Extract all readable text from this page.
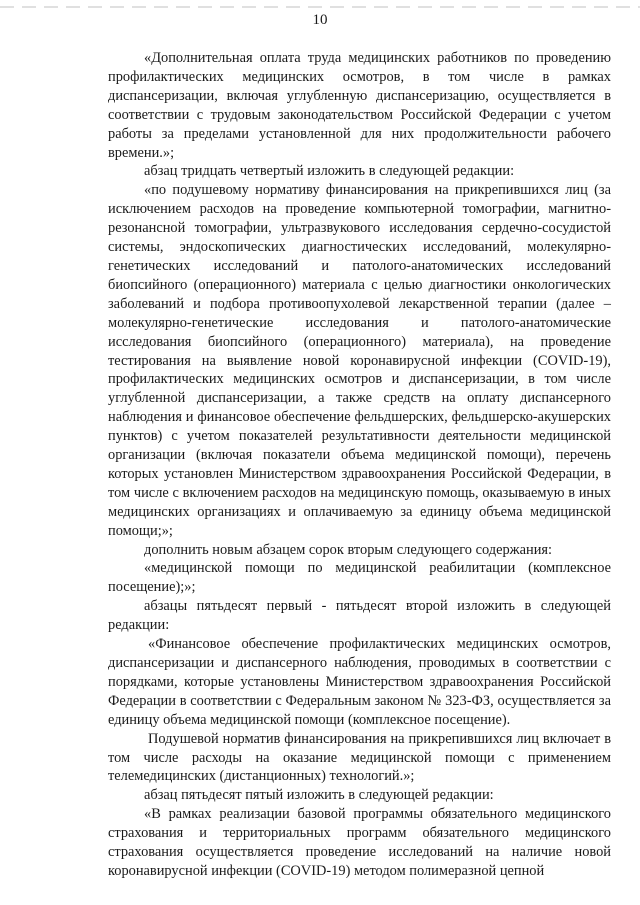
10

«Дополнительная оплата труда медицинских работников по проведению профилактических медицинских осмотров, в том числе в рамках диспансеризации, включая углубленную диспансеризацию, осуществляется в соответствии с трудовым законодательством Российской Федерации с учетом работы за пределами установленной для них продолжительности рабочего времени.»;

абзац тридцать четвертый изложить в следующей редакции:

«по подушевому нормативу финансирования на прикрепившихся лиц (за исключением расходов на проведение компьютерной томографии, магнитно-резонансной томографии, ультразвукового исследования сердечно-сосудистой системы, эндоскопических диагностических исследований, молекулярно-генетических исследований и патолого-анатомических исследований биопсийного (операционного) материала с целью диагностики онкологических заболеваний и подбора противоопухолевой лекарственной терапии (далее – молекулярно-генетические исследования и патолого-анатомические исследования биопсийного (операционного) материала), на проведение тестирования на выявление новой коронавирусной инфекции (COVID-19), профилактических медицинских осмотров и диспансеризации, в том числе углубленной диспансеризации, а также средств на оплату диспансерного наблюдения и финансовое обеспечение фельдшерских, фельдшерско-акушерских пунктов) с учетом показателей результативности деятельности медицинской организации (включая показатели объема медицинской помощи), перечень которых установлен Министерством здравоохранения Российской Федерации, в том числе с включением расходов на медицинскую помощь, оказываемую в иных медицинских организациях и оплачиваемую за единицу объема медицинской помощи;»;

дополнить новым абзацем сорок вторым следующего содержания:

«медицинской помощи по медицинской реабилитации (комплексное посещение);»;

абзацы пятьдесят первый - пятьдесят второй изложить в следующей редакции:

«Финансовое обеспечение профилактических медицинских осмотров, диспансеризации и диспансерного наблюдения, проводимых в соответствии с порядками, которые установлены Министерством здравоохранения Российской Федерации в соответствии с Федеральным законом № 323-ФЗ, осуществляется за единицу объема медицинской помощи (комплексное посещение).

Подушевой норматив финансирования на прикрепившихся лиц включает в том числе расходы на оказание медицинской помощи с применением телемедицинских (дистанционных) технологий.»;

абзац пятьдесят пятый изложить в следующей редакции:

«В рамках реализации базовой программы обязательного медицинского страхования и территориальных программ обязательного медицинского страхования осуществляется проведение исследований на наличие новой коронавирусной инфекции (COVID-19) методом полимеразной цепной
